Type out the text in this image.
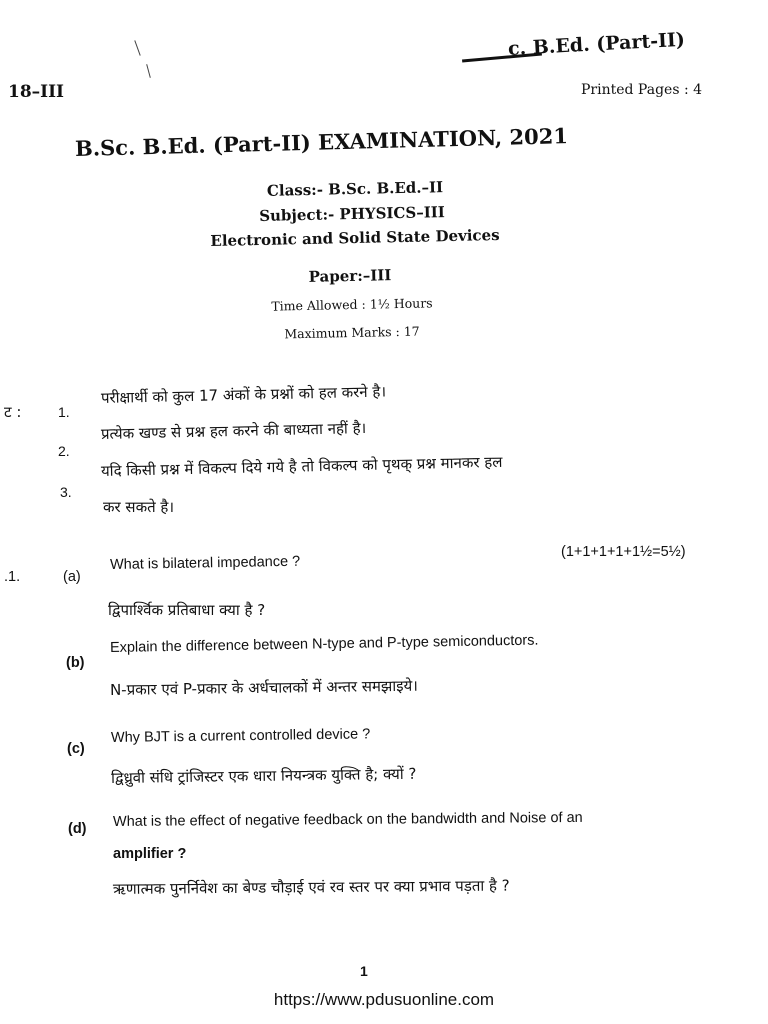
c. B.Ed. (Part-II)
18–III	Printed Pages : 4
B.Sc. B.Ed. (Part-II) EXAMINATION, 2021
Class:- B.Sc. B.Ed.–II
Subject:- PHYSICS–III
Electronic and Solid State Devices
Paper:–III
Time Allowed : 1½ Hours
Maximum Marks : 17
ट :	1.
परीक्षार्थी को कुल 17 अंकों के प्रश्नों को हल करने है।
2.
प्रत्येक खण्ड से प्रश्न हल करने की बाध्यता नहीं है।
3.
यदि किसी प्रश्न में विकल्प दिये गये है तो विकल्प को पृथक् प्रश्न मानकर हल
कर सकते है।
.1.
(1+1+1+1+1½=5½)
(a)
What is bilateral impedance ?
द्विपार्श्विक प्रतिबाधा क्या है ?
(b)
Explain the difference between N-type and P-type semiconductors.
N-प्रकार एवं P-प्रकार के अर्धचालकों में अन्तर समझाइये।
(c)
Why BJT is a current controlled device ?
द्विध्रुवी संधि ट्रांजिस्टर एक धारा नियन्त्रक युक्ति है; क्यों ?
(d) What is the effect of negative feedback on the bandwidth and Noise of an
amplifier ?
ऋणात्मक पुनर्निवेश का बेण्ड चौड़ाई एवं रव स्तर पर क्या प्रभाव पड़ता है ?
1
https://www.pdusuonline.com
